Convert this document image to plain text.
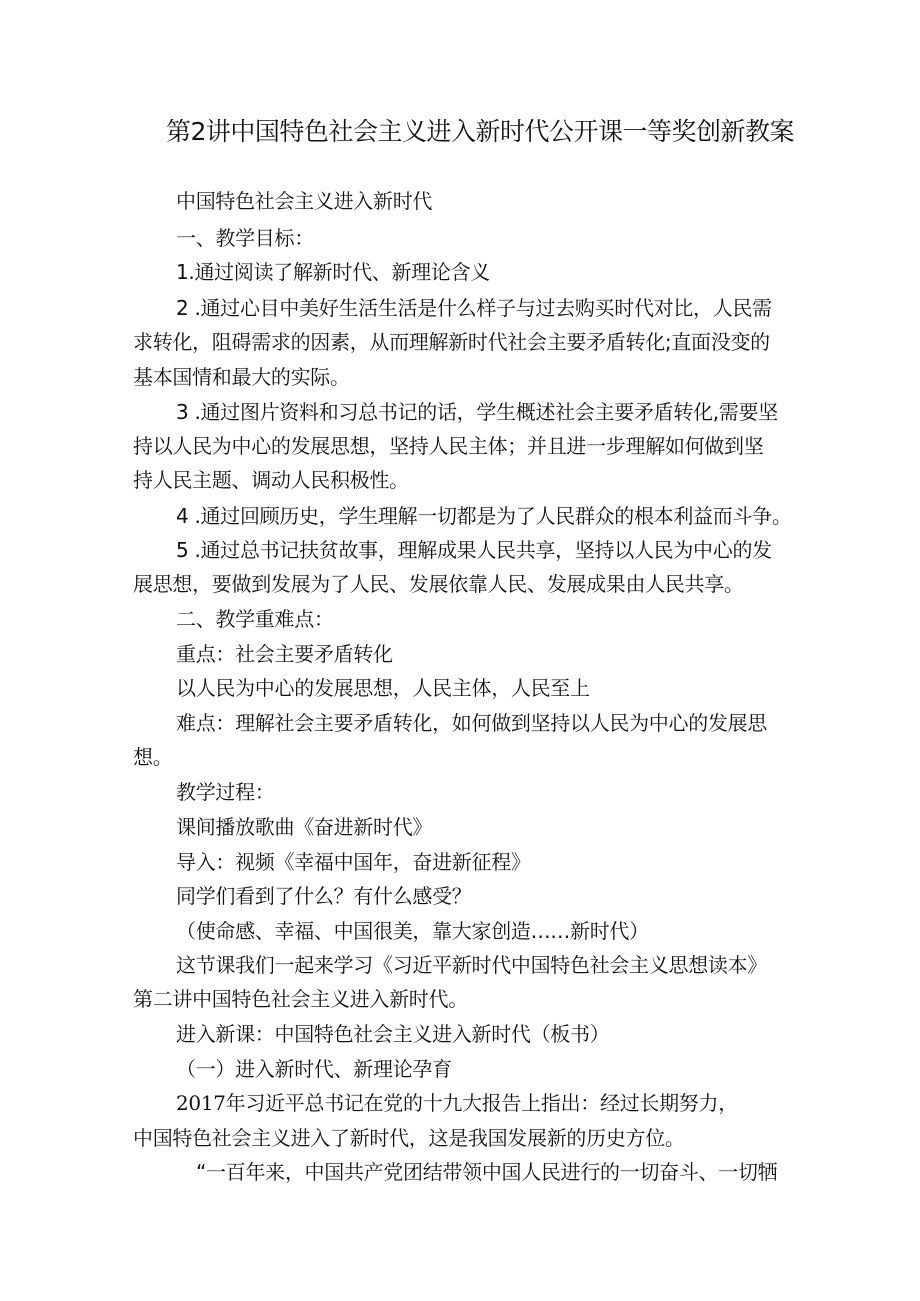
第2讲中国特色社会主义进入新时代公开课一等奖创新教案
中国特色社会主义进入新时代
一、教学目标：
1.通过阅读了解新时代、新理论含义
2 .通过心目中美好生活生活是什么样子与过去购买时代对比，人民需
求转化，阻碍需求的因素，从而理解新时代社会主要矛盾转化;直面没变的
基本国情和最大的实际。
3 .通过图片资料和习总书记的话，学生概述社会主要矛盾转化,需要坚
持以人民为中心的发展思想，坚持人民主体；并且进一步理解如何做到坚
持人民主题、调动人民积极性。
4 .通过回顾历史，学生理解一切都是为了人民群众的根本利益而斗争。
5 .通过总书记扶贫故事，理解成果人民共享，坚持以人民为中心的发
展思想，要做到发展为了人民、发展依靠人民、发展成果由人民共享。
二、教学重难点：
重点：社会主要矛盾转化
以人民为中心的发展思想，人民主体，人民至上
难点：理解社会主要矛盾转化，如何做到坚持以人民为中心的发展思
想。
教学过程：
课间播放歌曲《奋进新时代》
导入：视频《幸福中国年，奋进新征程》
同学们看到了什么？有什么感受？
（使命感、幸福、中国很美，靠大家创造……新时代）
这节课我们一起来学习《习近平新时代中国特色社会主义思想读本》
第二讲中国特色社会主义进入新时代。
进入新课：中国特色社会主义进入新时代（板书）
（一）进入新时代、新理论孕育
2017年习近平总书记在党的十九大报告上指出：经过长期努力，
中国特色社会主义进入了新时代，这是我国发展新的历史方位。
“一百年来，中国共产党团结带领中国人民进行的一切奋斗、一切牺
